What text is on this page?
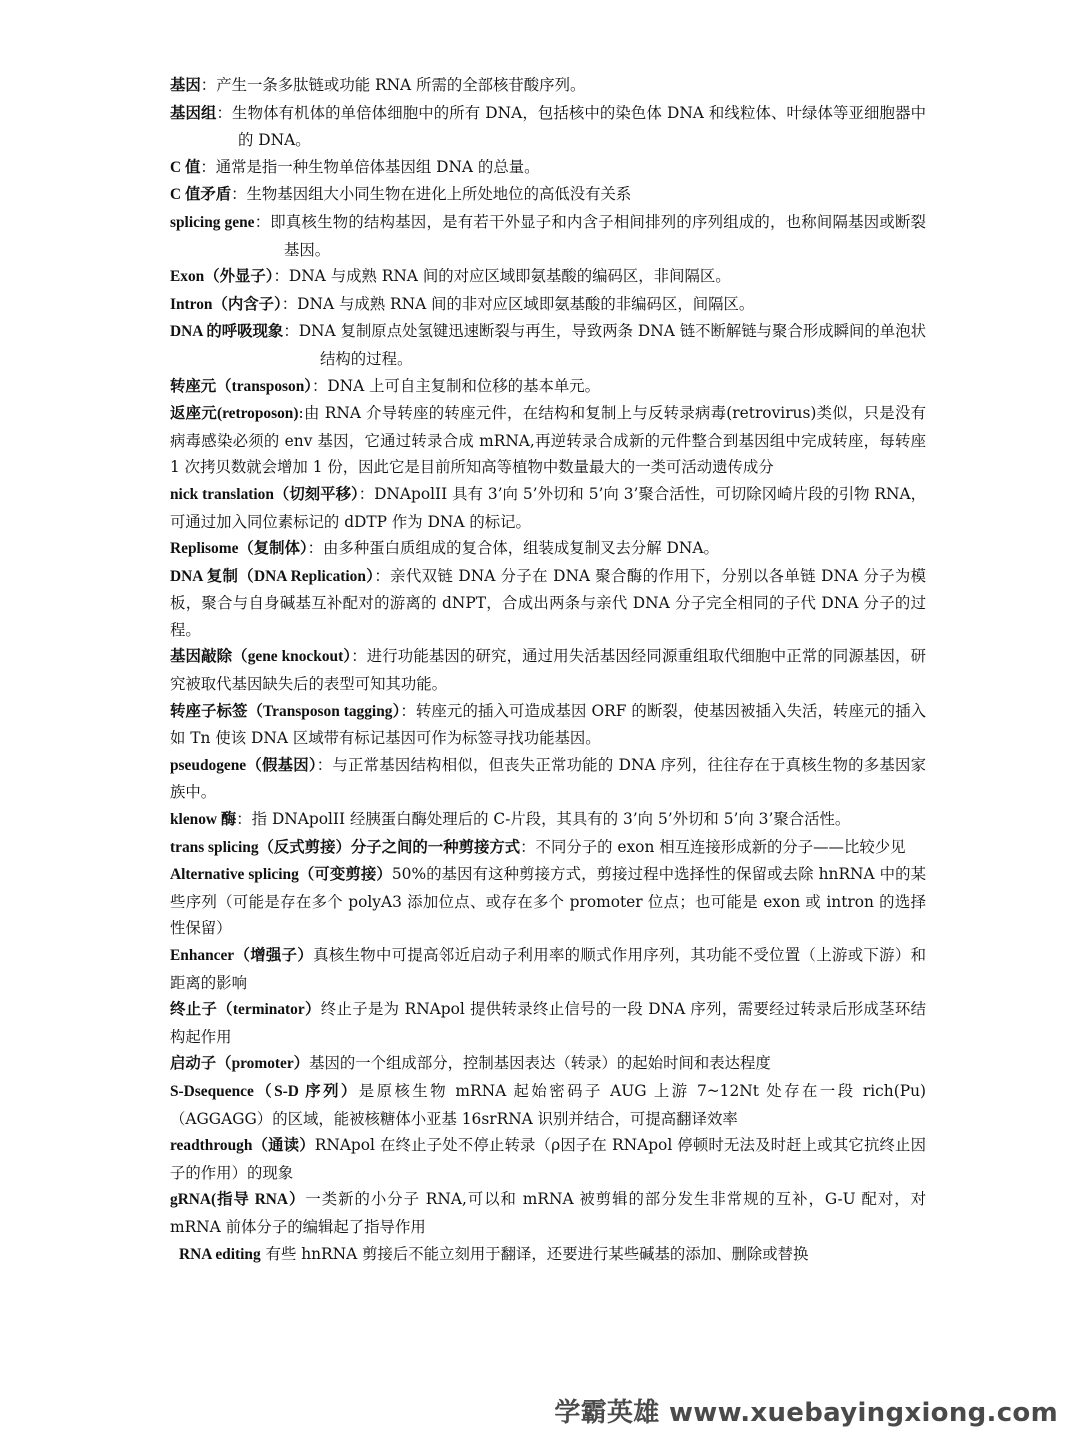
基因：产生一条多肽链或功能 RNA 所需的全部核苷酸序列。

基因组：生物体有机体的单倍体细胞中的所有 DNA，包括核中的染色体 DNA 和线粒体、叶绿体等亚细胞器中的 DNA。

C 值：通常是指一种生物单倍体基因组 DNA 的总量。

C 值矛盾：生物基因组大小同生物在进化上所处地位的高低没有关系

splicing gene：即真核生物的结构基因，是有若干外显子和内含子相间排列的序列组成的，也称间隔基因或断裂基因。

Exon（外显子）：DNA 与成熟 RNA 间的对应区域即氨基酸的编码区，非间隔区。

Intron（内含子）：DNA 与成熟 RNA 间的非对应区域即氨基酸的非编码区，间隔区。

DNA 的呼吸现象：DNA 复制原点处氢键迅速断裂与再生，导致两条 DNA 链不断解链与聚合形成瞬间的单泡状结构的过程。

转座元（transposon）：DNA 上可自主复制和位移的基本单元。

返座元(retroposon):由 RNA 介导转座的转座元件，在结构和复制上与反转录病毒(retrovirus)类似，只是没有病毒感染必须的 env 基因，它通过转录合成 mRNA,再逆转录合成新的元件整合到基因组中完成转座，每转座 1 次拷贝数就会增加 1 份，因此它是目前所知高等植物中数量最大的一类可活动遗传成分

nick translation（切刻平移）：DNApolII 具有 3’向 5’外切和 5’向 3’聚合活性，可切除冈崎片段的引物 RNA，可通过加入同位素标记的 dDTP 作为 DNA 的标记。

Replisome（复制体）：由多种蛋白质组成的复合体，组装成复制叉去分解 DNA。

DNA 复制（DNA Replication）：亲代双链 DNA 分子在 DNA 聚合酶的作用下，分别以各单链 DNA 分子为模板，聚合与自身碱基互补配对的游离的 dNPT，合成出两条与亲代 DNA 分子完全相同的子代 DNA 分子的过程。

基因敲除（gene knockout）：进行功能基因的研究，通过用失活基因经同源重组取代细胞中正常的同源基因，研究被取代基因缺失后的表型可知其功能。

转座子标签（Transposon tagging）：转座元的插入可造成基因 ORF 的断裂，使基因被插入失活，转座元的插入如 Tn 使该 DNA 区域带有标记基因可作为标签寻找功能基因。

pseudogene（假基因）：与正常基因结构相似，但丧失正常功能的 DNA 序列，往往存在于真核生物的多基因家族中。

klenow 酶：指 DNApolII 经胰蛋白酶处理后的 C-片段，其具有的 3’向 5’外切和 5’向 3’聚合活性。

trans splicing（反式剪接）分子之间的一种剪接方式：不同分子的 exon 相互连接形成新的分子——比较少见

Alternative splicing（可变剪接）50%的基因有这种剪接方式，剪接过程中选择性的保留或去除 hnRNA 中的某些序列（可能是存在多个 polyA3 添加位点、或存在多个 promoter 位点；也可能是 exon 或 intron 的选择性保留）

Enhancer（增强子）真核生物中可提高邻近启动子利用率的顺式作用序列，其功能不受位置（上游或下游）和距离的影响

终止子（terminator）终止子是为 RNApol 提供转录终止信号的一段 DNA 序列，需要经过转录后形成茎环结构起作用

启动子（promoter）基因的一个组成部分，控制基因表达（转录）的起始时间和表达程度

S-Dsequence（S-D 序列）是原核生物 mRNA 起始密码子 AUG 上游 7~12Nt 处存在一段 rich(Pu)（AGGAGG）的区域，能被核糖体小亚基 16srRNA 识别并结合，可提高翻译效率

readthrough（通读）RNApol 在终止子处不停止转录（ρ因子在 RNApol 停顿时无法及时赶上或其它抗终止因子的作用）的现象

gRNA(指导 RNA）一类新的小分子 RNA,可以和 mRNA 被剪辑的部分发生非常规的互补，G-U 配对，对 mRNA 前体分子的编辑起了指导作用

RNA editing 有些 hnRNA 剪接后不能立刻用于翻译，还要进行某些碱基的添加、删除或替换

学霸英雄 www.xuebayingxiong.com
